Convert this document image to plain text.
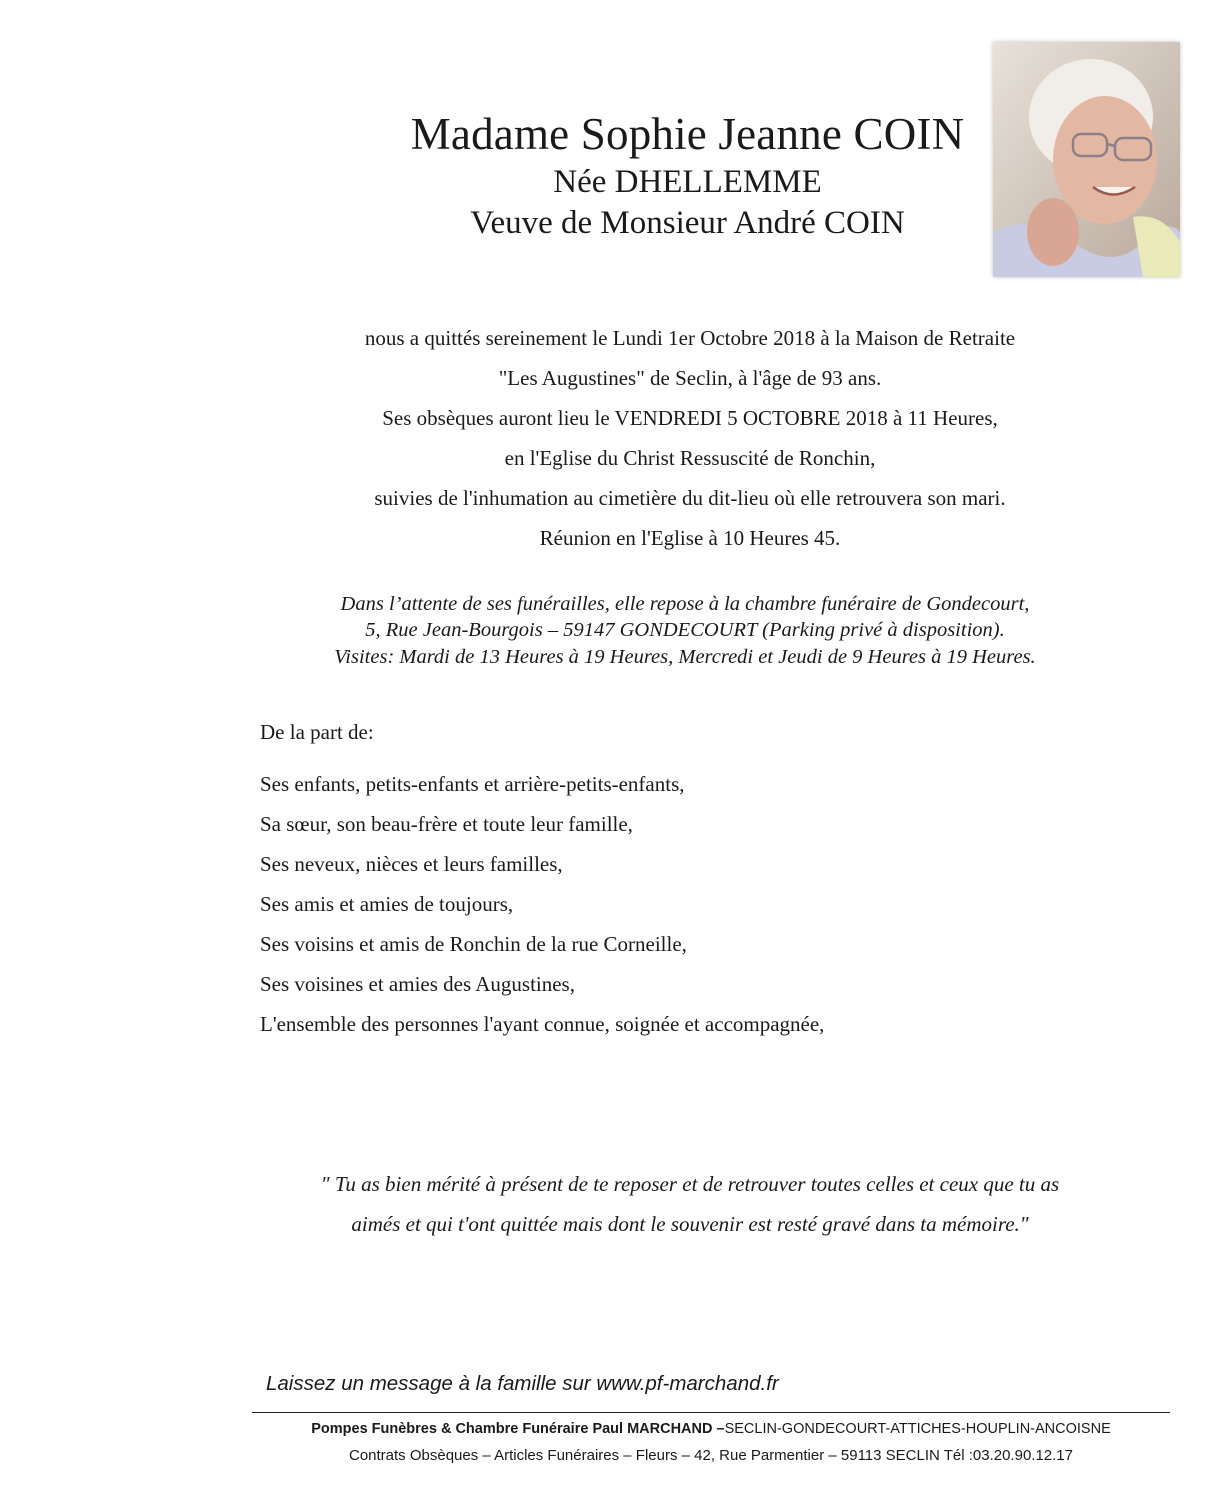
Madame Sophie Jeanne COIN
Née DHELLEMME
Veuve de Monsieur André COIN
nous a quittés sereinement le Lundi 1er Octobre 2018 à la Maison de Retraite
"Les Augustines" de Seclin, à l'âge de 93 ans.
Ses obsèques auront lieu le VENDREDI 5 OCTOBRE 2018 à 11 Heures,
en l'Eglise du Christ Ressuscité de Ronchin,
suivies de l'inhumation au cimetière du dit-lieu où elle retrouvera son mari.
Réunion en l'Eglise à 10 Heures 45.
Dans l’attente de ses funérailles, elle repose à la chambre funéraire de Gondecourt,
5, Rue Jean-Bourgois – 59147 GONDECOURT (Parking privé à disposition).
Visites: Mardi de 13 Heures à 19 Heures, Mercredi et Jeudi de 9 Heures à 19 Heures.
De la part de:
Ses enfants, petits-enfants et arrière-petits-enfants,
Sa sœur, son beau-frère et toute leur famille,
Ses neveux, nièces et leurs familles,
Ses amis et amies de toujours,
Ses voisins et amis de Ronchin de la rue Corneille,
Ses voisines et amies des Augustines,
L'ensemble des personnes l'ayant connue, soignée et accompagnée,
" Tu as bien mérité à présent de te reposer et de retrouver toutes celles et ceux que tu as
aimés et qui t'ont quittée mais dont le souvenir est resté gravé dans ta mémoire."
Laissez un message à la famille sur www.pf-marchand.fr
Pompes Funèbres & Chambre Funéraire Paul MARCHAND –SECLIN-GONDECOURT-ATTICHES-HOUPLIN-ANCOISNE
Contrats Obsèques – Articles Funéraires – Fleurs – 42, Rue Parmentier – 59113 SECLIN Tél :03.20.90.12.17
